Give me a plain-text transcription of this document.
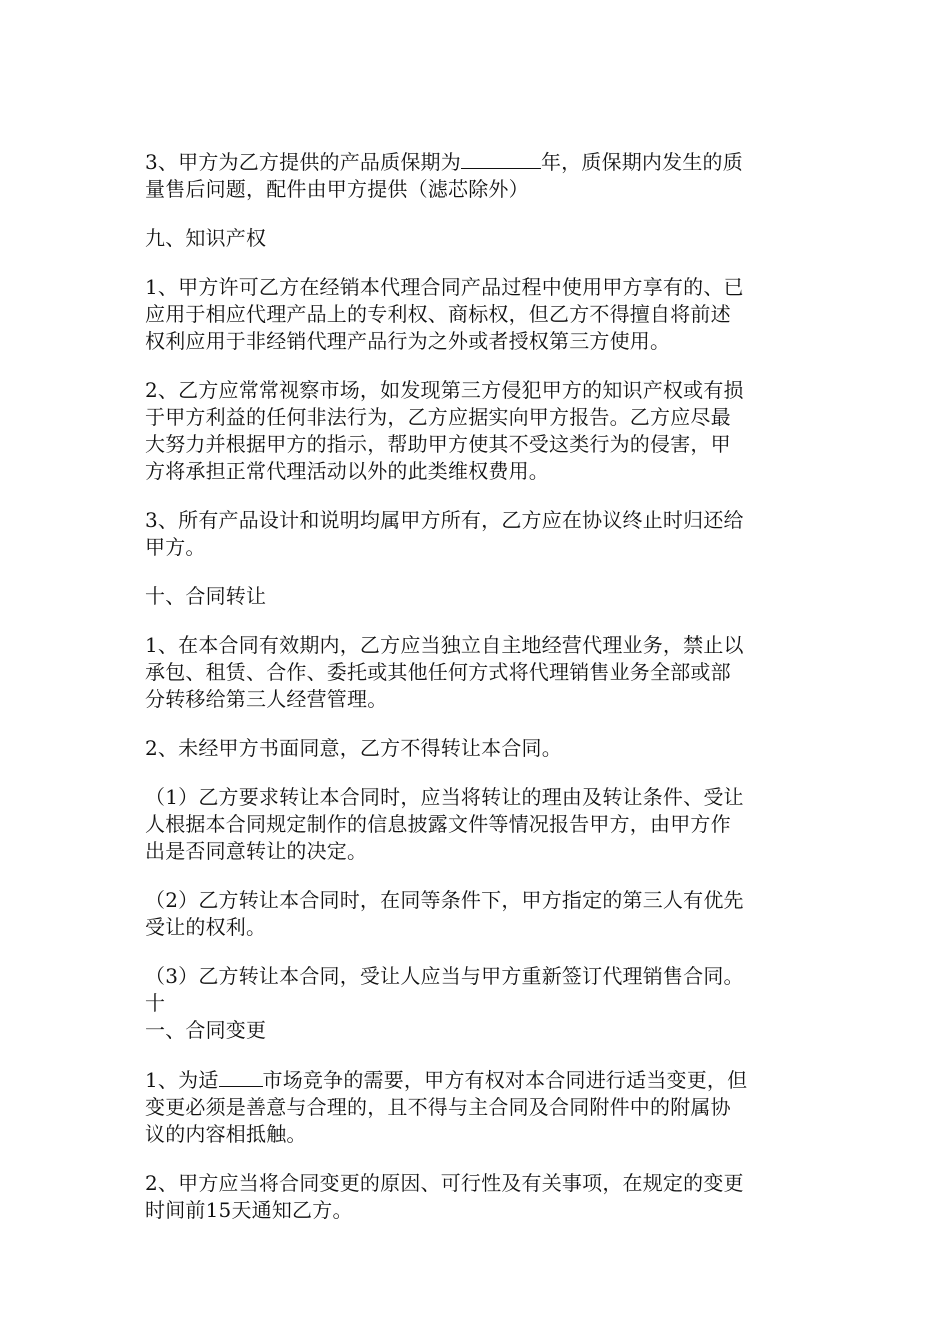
3、甲方为乙方提供的产品质保期为	年，质保期内发生的质
量售后问题，配件由甲方提供（滤芯除外）

九、知识产权

1、甲方许可乙方在经销本代理合同产品过程中使用甲方享有的、已
应用于相应代理产品上的专利权、商标权，但乙方不得擅自将前述
权利应用于非经销代理产品行为之外或者授权第三方使用。

2、乙方应常常视察市场，如发现第三方侵犯甲方的知识产权或有损
于甲方利益的任何非法行为，乙方应据实向甲方报告。乙方应尽最
大努力并根据甲方的指示，帮助甲方使其不受这类行为的侵害，甲
方将承担正常代理活动以外的此类维权费用。

3、所有产品设计和说明均属甲方所有，乙方应在协议终止时归还给
甲方。

十、合同转让

1、在本合同有效期内，乙方应当独立自主地经营代理业务，禁止以
承包、租赁、合作、委托或其他任何方式将代理销售业务全部或部
分转移给第三人经营管理。

2、未经甲方书面同意，乙方不得转让本合同。

（1）乙方要求转让本合同时，应当将转让的理由及转让条件、受让
人根据本合同规定制作的信息披露文件等情况报告甲方，由甲方作
出是否同意转让的决定。

（2）乙方转让本合同时，在同等条件下，甲方指定的第三人有优先
受让的权利。

（3）乙方转让本合同，受让人应当与甲方重新签订代理销售合同。
十
一、合同变更

1、为适 市场竞争的需要，甲方有权对本合同进行适当变更，但
变更必须是善意与合理的，且不得与主合同及合同附件中的附属协
议的内容相抵触。

2、甲方应当将合同变更的原因、可行性及有关事项，在规定的变更
时间前15天通知乙方。
